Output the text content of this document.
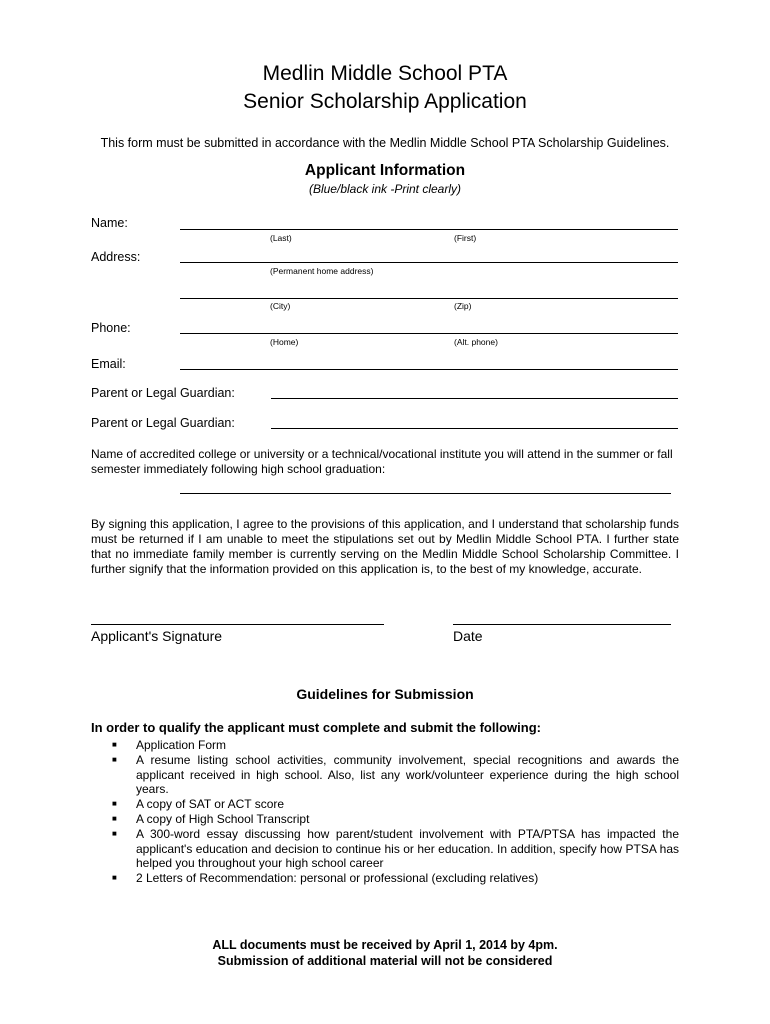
Medlin Middle School PTA
Senior Scholarship Application
This form must be submitted in accordance with the Medlin Middle School PTA Scholarship Guidelines.
Applicant Information
(Blue/black ink -Print clearly)
Name:
(Last)	(First)
Address:
(Permanent home address)
(City)	(Zip)
Phone:
(Home)	(Alt. phone)
Email:
Parent or Legal Guardian:
Parent or Legal Guardian:
Name of accredited college or university or a technical/vocational institute you will attend in the summer or fall semester immediately following high school graduation:
By signing this application, I agree to the provisions of this application, and I understand that scholarship funds must be returned if I am unable to meet the stipulations set out by Medlin Middle School PTA. I further state that no immediate family member is currently serving on the Medlin Middle School Scholarship Committee. I further signify that the information provided on this application is, to the best of my knowledge, accurate.
Applicant's Signature	Date
Guidelines for Submission
In order to qualify the applicant must complete and submit the following:
■ Application Form
■ A resume listing school activities, community involvement, special recognitions and awards the applicant received in high school. Also, list any work/volunteer experience during the high school years.
■ A copy of SAT or ACT score
■ A copy of High School Transcript
■ A 300-word essay discussing how parent/student involvement with PTA/PTSA has impacted the applicant's education and decision to continue his or her education. In addition, specify how PTSA has helped you throughout your high school career
■ 2 Letters of Recommendation: personal or professional (excluding relatives)
ALL documents must be received by April 1, 2014 by 4pm.
Submission of additional material will not be considered
